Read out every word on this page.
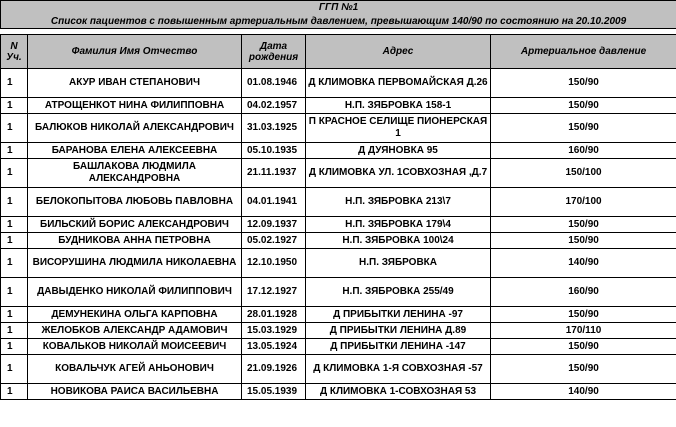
ГГП №1				
Список пациентов с повышенным артериальным давлением, превышающим 140/90 по состоянию на 20.10.2009				

N Уч.	Фамилия Имя Отчество	Дата рождения	Адрес	Артериальное давление
1	АКУР ИВАН СТЕПАНОВИЧ	01.08.1946	Д КЛИМОВКА ПЕРВОМАЙСКАЯ Д.26	150/90
1	АТРОЩЕНКОТ НИНА ФИЛИППОВНА	04.02.1957	Н.П. ЗЯБРОВКА 158-1	150/90
1	БАЛЮКОВ НИКОЛАЙ АЛЕКСАНДРОВИЧ	31.03.1925	П КРАСНОЕ СЕЛИЩЕ ПИОНЕРСКАЯ 1	150/90
1	БАРАНОВА ЕЛЕНА АЛЕКСЕЕВНА	05.10.1935	Д ДУЯНОВКА 95	160/90
1	БАШЛАКОВА ЛЮДМИЛА АЛЕКСАНДРОВНА	21.11.1937	Д КЛИМОВКА УЛ. 1СОВХОЗНАЯ ,Д.7	150/100
1	БЕЛОКОПЫТОВА ЛЮБОВЬ ПАВЛОВНА	04.01.1941	Н.П. ЗЯБРОВКА 213\7	170/100
1	БИЛЬСКИЙ БОРИС АЛЕКСАНДРОВИЧ	12.09.1937	Н.П. ЗЯБРОВКА 179\4	150/90
1	БУДНИКОВА АННА ПЕТРОВНА	05.02.1927	Н.П. ЗЯБРОВКА 100\24	150/90
1	ВИСОРУШИНА ЛЮДМИЛА НИКОЛАЕВНА	12.10.1950	Н.П. ЗЯБРОВКА	140/90
1	ДАВЫДЕНКО НИКОЛАЙ ФИЛИППОВИЧ	17.12.1927	Н.П. ЗЯБРОВКА 255/49	160/90
1	ДЕМУНЕКИНА ОЛЬГА КАРПОВНА	28.01.1928	Д ПРИБЫТКИ ЛЕНИНА -97	150/90
1	ЖЕЛОБКОВ АЛЕКСАНДР АДАМОВИЧ	15.03.1929	Д ПРИБЫТКИ ЛЕНИНА Д.89	170/110
1	КОВАЛЬКОВ НИКОЛАЙ МОИСЕЕВИЧ	13.05.1924	Д ПРИБЫТКИ ЛЕНИНА -147	150/90
1	КОВАЛЬЧУК АГЕЙ АНЬОНОВИЧ	21.09.1926	Д КЛИМОВКА 1-Я СОВХОЗНАЯ -57	150/90
1	НОВИКОВА РАИСА ВАСИЛЬЕВНА	15.05.1939	Д КЛИМОВКА 1-СОВХОЗНАЯ 53	140/90
